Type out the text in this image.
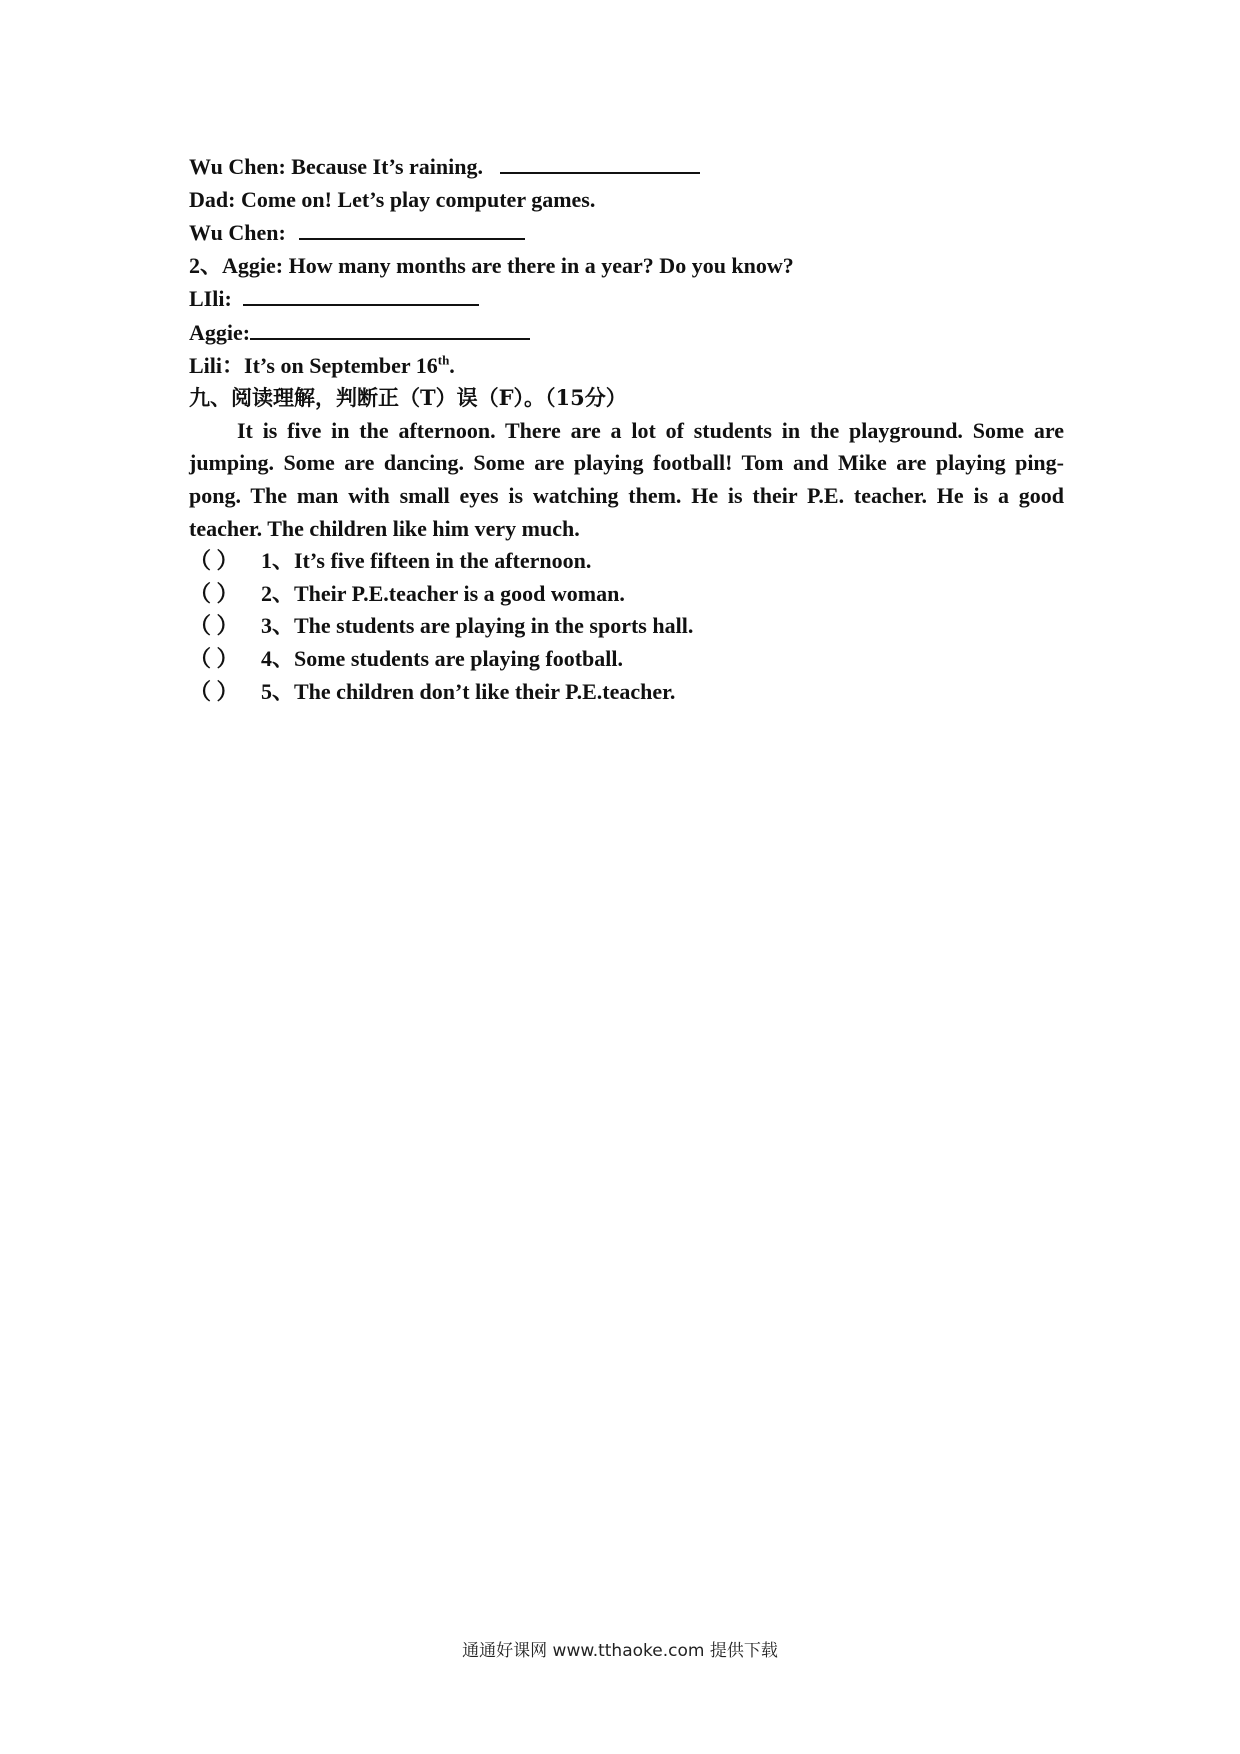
Wu Chen: Because It’s raining.
Dad: Come on! Let’s play computer games.
Wu Chen:
2、Aggie: How many months are there in a year? Do you know?
LIli:
Aggie:
Lili：It’s on September 16th.
九、阅读理解，判断正（T）误（F）。（15分）
It is five in the afternoon. There are a lot of students in the playground. Some are jumping. Some are dancing. Some are playing football! Tom and Mike are playing ping-pong. The man with small eyes is watching them. He is their P.E. teacher. He is a good teacher. The children like him very much.
（ ） 1、It’s five fifteen in the afternoon.
（ ） 2、Their P.E.teacher is a good woman.
（ ） 3、The students are playing in the sports hall.
（ ） 4、Some students are playing football.
（ ） 5、The children don’t like their P.E.teacher.
通通好课网 www.tthaoke.com 提供下载
